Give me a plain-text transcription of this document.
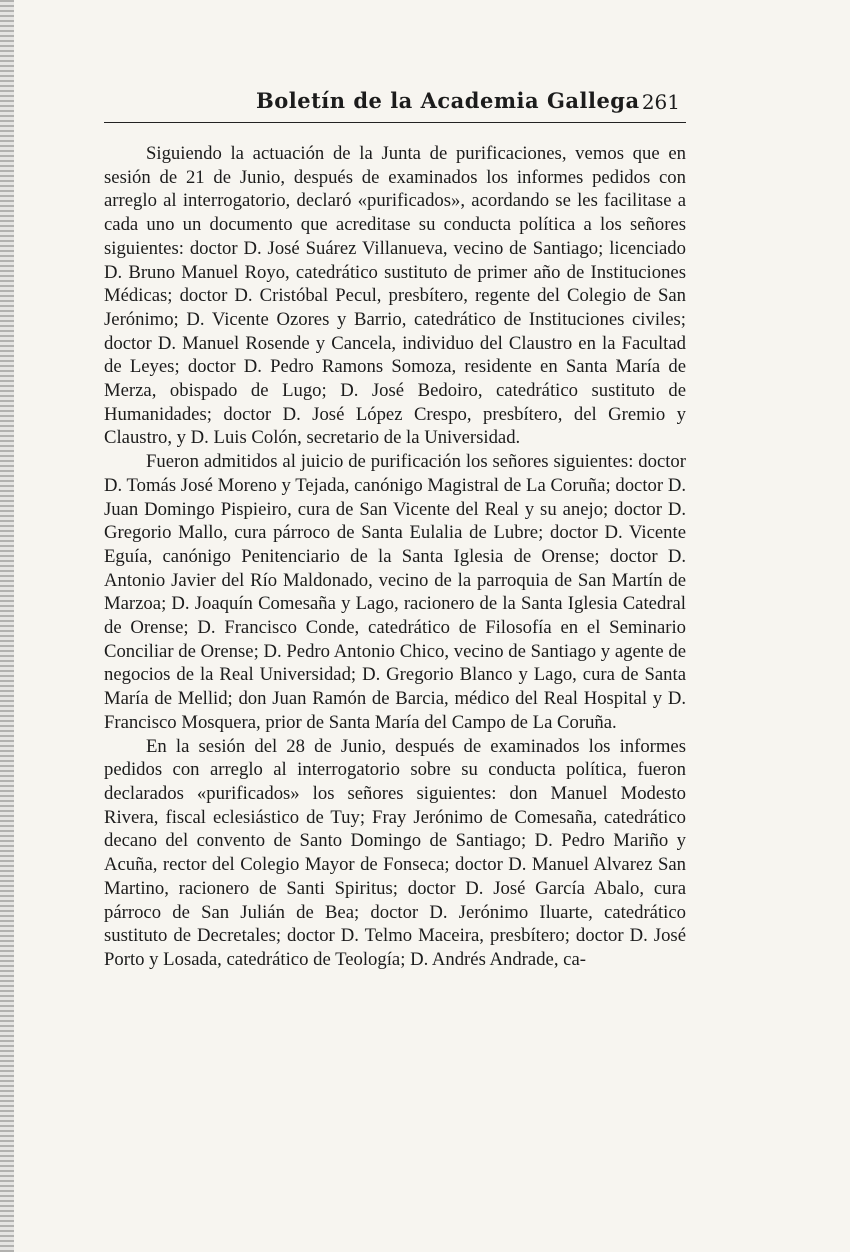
Boletín de la Academia Gallega 261

Siguiendo la actuación de la Junta de purificaciones, vemos que en sesión de 21 de Junio, después de examinados los informes pedidos con arreglo al interrogatorio, declaró «purificados», acordando se les facilitase a cada uno un documento que acreditase su conducta política a los señores siguientes: doctor D. José Suárez Villanueva, vecino de Santiago; licenciado D. Bruno Manuel Royo, catedrático sustituto de primer año de Instituciones Médicas; doctor D. Cristóbal Pecul, presbítero, regente del Colegio de San Jerónimo; D. Vicente Ozores y Barrio, catedrático de Instituciones civiles; doctor D. Manuel Rosende y Cancela, individuo del Claustro en la Facultad de Leyes; doctor D. Pedro Ramons Somoza, residente en Santa María de Merza, obispado de Lugo; D. José Bedoiro, catedrático sustituto de Humanidades; doctor D. José López Crespo, presbítero, del Gremio y Claustro, y D. Luis Colón, secretario de la Universidad.

Fueron admitidos al juicio de purificación los señores siguientes: doctor D. Tomás José Moreno y Tejada, canónigo Magistral de La Coruña; doctor D. Juan Domingo Pispieiro, cura de San Vicente del Real y su anejo; doctor D. Gregorio Mallo, cura párroco de Santa Eulalia de Lubre; doctor D. Vicente Eguía, canónigo Penitenciario de la Santa Iglesia de Orense; doctor D. Antonio Javier del Río Maldonado, vecino de la parroquia de San Martín de Marzoa; D. Joaquín Comesaña y Lago, racionero de la Santa Iglesia Catedral de Orense; D. Francisco Conde, catedrático de Filosofía en el Seminario Conciliar de Orense; D. Pedro Antonio Chico, vecino de Santiago y agente de negocios de la Real Universidad; D. Gregorio Blanco y Lago, cura de Santa María de Mellid; don Juan Ramón de Barcia, médico del Real Hospital y D. Francisco Mosquera, prior de Santa María del Campo de La Coruña.

En la sesión del 28 de Junio, después de examinados los informes pedidos con arreglo al interrogatorio sobre su conducta política, fueron declarados «purificados» los señores siguientes: don Manuel Modesto Rivera, fiscal eclesiástico de Tuy; Fray Jerónimo de Comesaña, catedrático decano del convento de Santo Domingo de Santiago; D. Pedro Mariño y Acuña, rector del Colegio Mayor de Fonseca; doctor D. Manuel Alvarez San Martino, racionero de Santi Spiritus; doctor D. José García Abalo, cura párroco de San Julián de Bea; doctor D. Jerónimo Iluarte, catedrático sustituto de Decretales; doctor D. Telmo Maceira, presbítero; doctor D. José Porto y Losada, catedrático de Teología; D. Andrés Andrade, ca-
